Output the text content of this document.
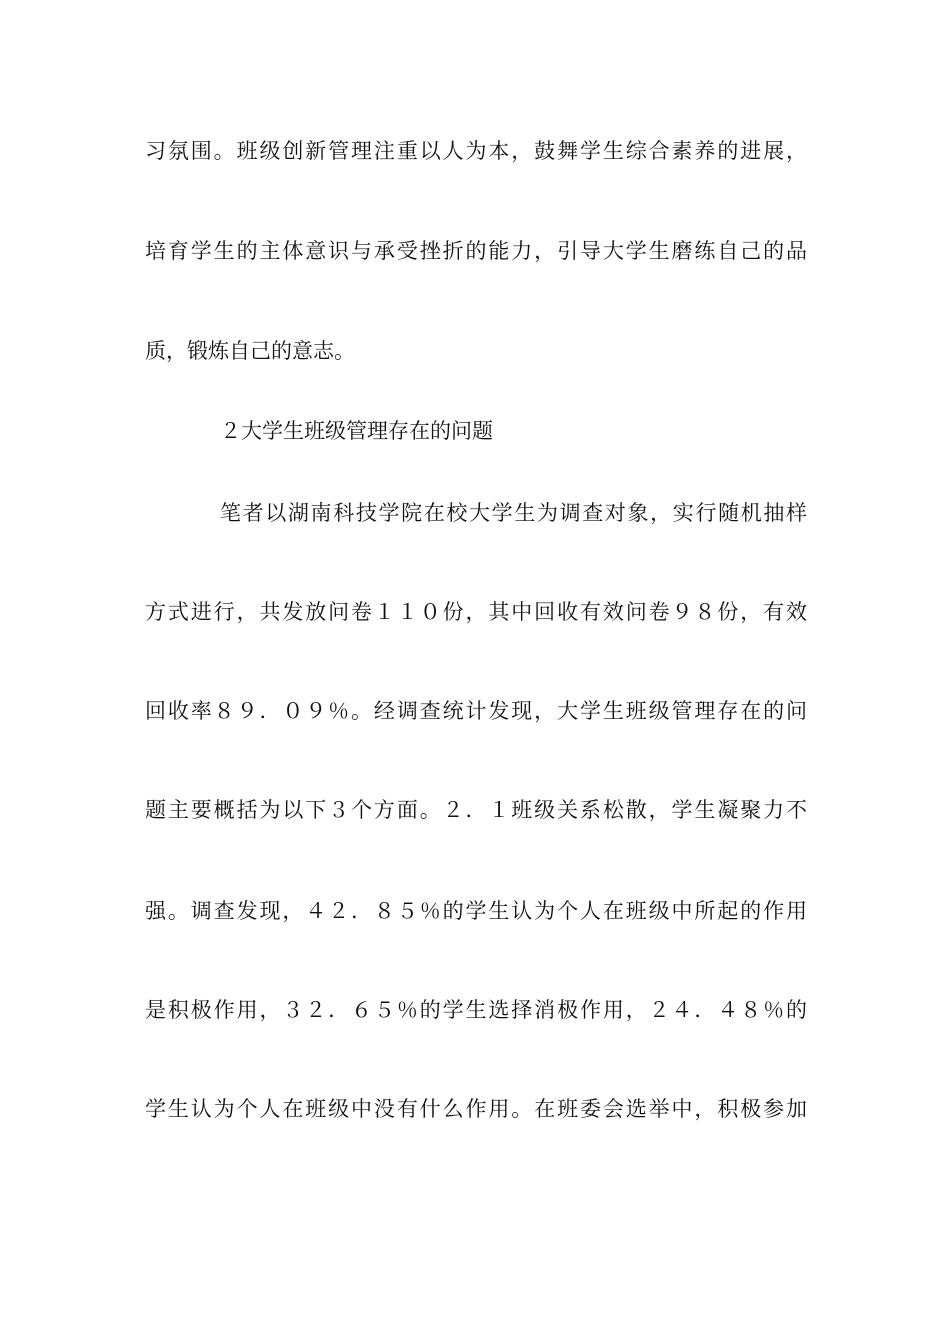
习氛围。班级创新管理注重以人为本，鼓舞学生综合素养的进展，
培育学生的主体意识与承受挫折的能力，引导大学生磨练自己的品
质，锻炼自己的意志。
２大学生班级管理存在的问题
笔者以湖南科技学院在校大学生为调查对象，实行随机抽样
方式进行，共发放问卷１１０份，其中回收有效问卷９８份，有效
回收率８９．０９％。经调查统计发现，大学生班级管理存在的问
题主要概括为以下３个方面。２．１班级关系松散，学生凝聚力不
强。调查发现，４２．８５％的学生认为个人在班级中所起的作用
是积极作用，３２．６５％的学生选择消极作用，２４．４８％的
学生认为个人在班级中没有什么作用。在班委会选举中，积极参加
